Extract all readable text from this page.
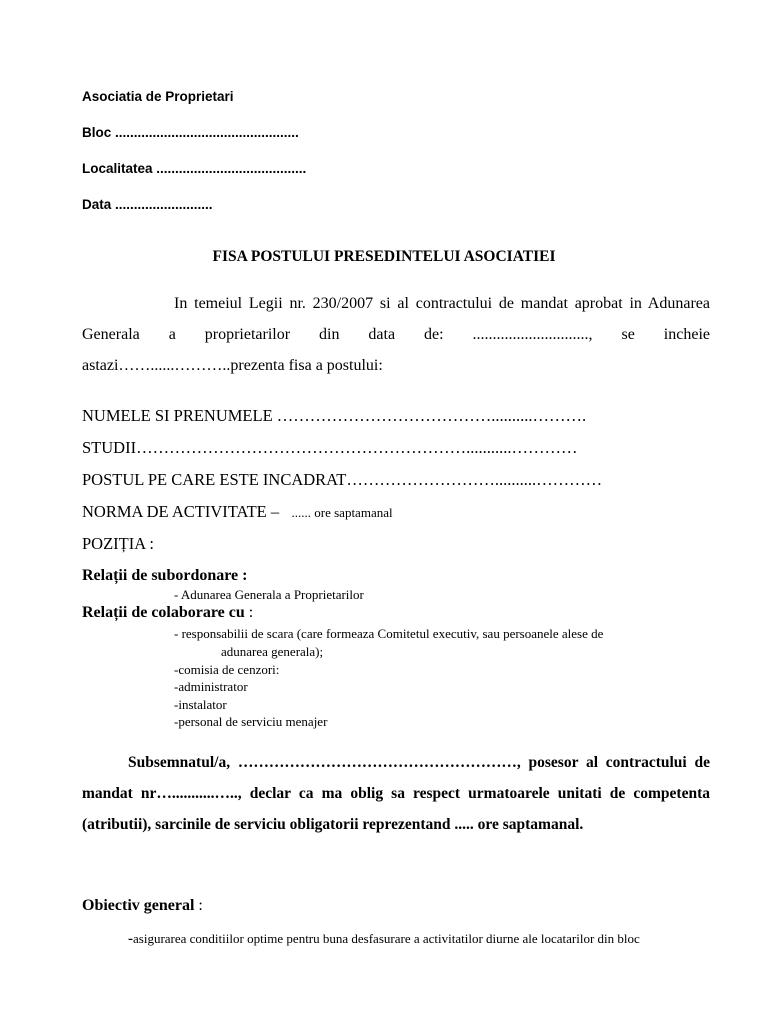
Asociatia de Proprietari
Bloc .................................................
Localitatea ........................................
Data ..........................
FISA POSTULUI PRESEDINTELUI ASOCIATIEI
In temeiul Legii nr. 230/2007 si al contractului de mandat aprobat in Adunarea Generala a proprietarilor din data de: ............................., se incheie astazi……......………..prezenta fisa a postului:
NUMELE SI PRENUMELE …………………………………..........……….
STUDII……………………………………………………...........…………
POSTUL PE CARE ESTE INCADRAT………………………..........…………
NORMA DE ACTIVITATE – ...... ore saptamanal
POZIȚIA :
Relații de subordonare :
- Adunarea Generala a Proprietarilor
Relații de colaborare cu :
- responsabilii de scara (care formeaza Comitetul executiv, sau persoanele alese de
adunarea generala);
-comisia de cenzori:
-administrator
-instalator
-personal de serviciu menajer
Subsemnatul/a, ………………………………………………, posesor al contractului de mandat nr…...........….., declar ca ma oblig sa respect urmatoarele unitati de competenta (atributii), sarcinile de serviciu obligatorii reprezentand ..... ore saptamanal.
Obiectiv general :
-asigurarea conditiilor optime pentru buna desfasurare a activitatilor diurne ale locatarilor din bloc
